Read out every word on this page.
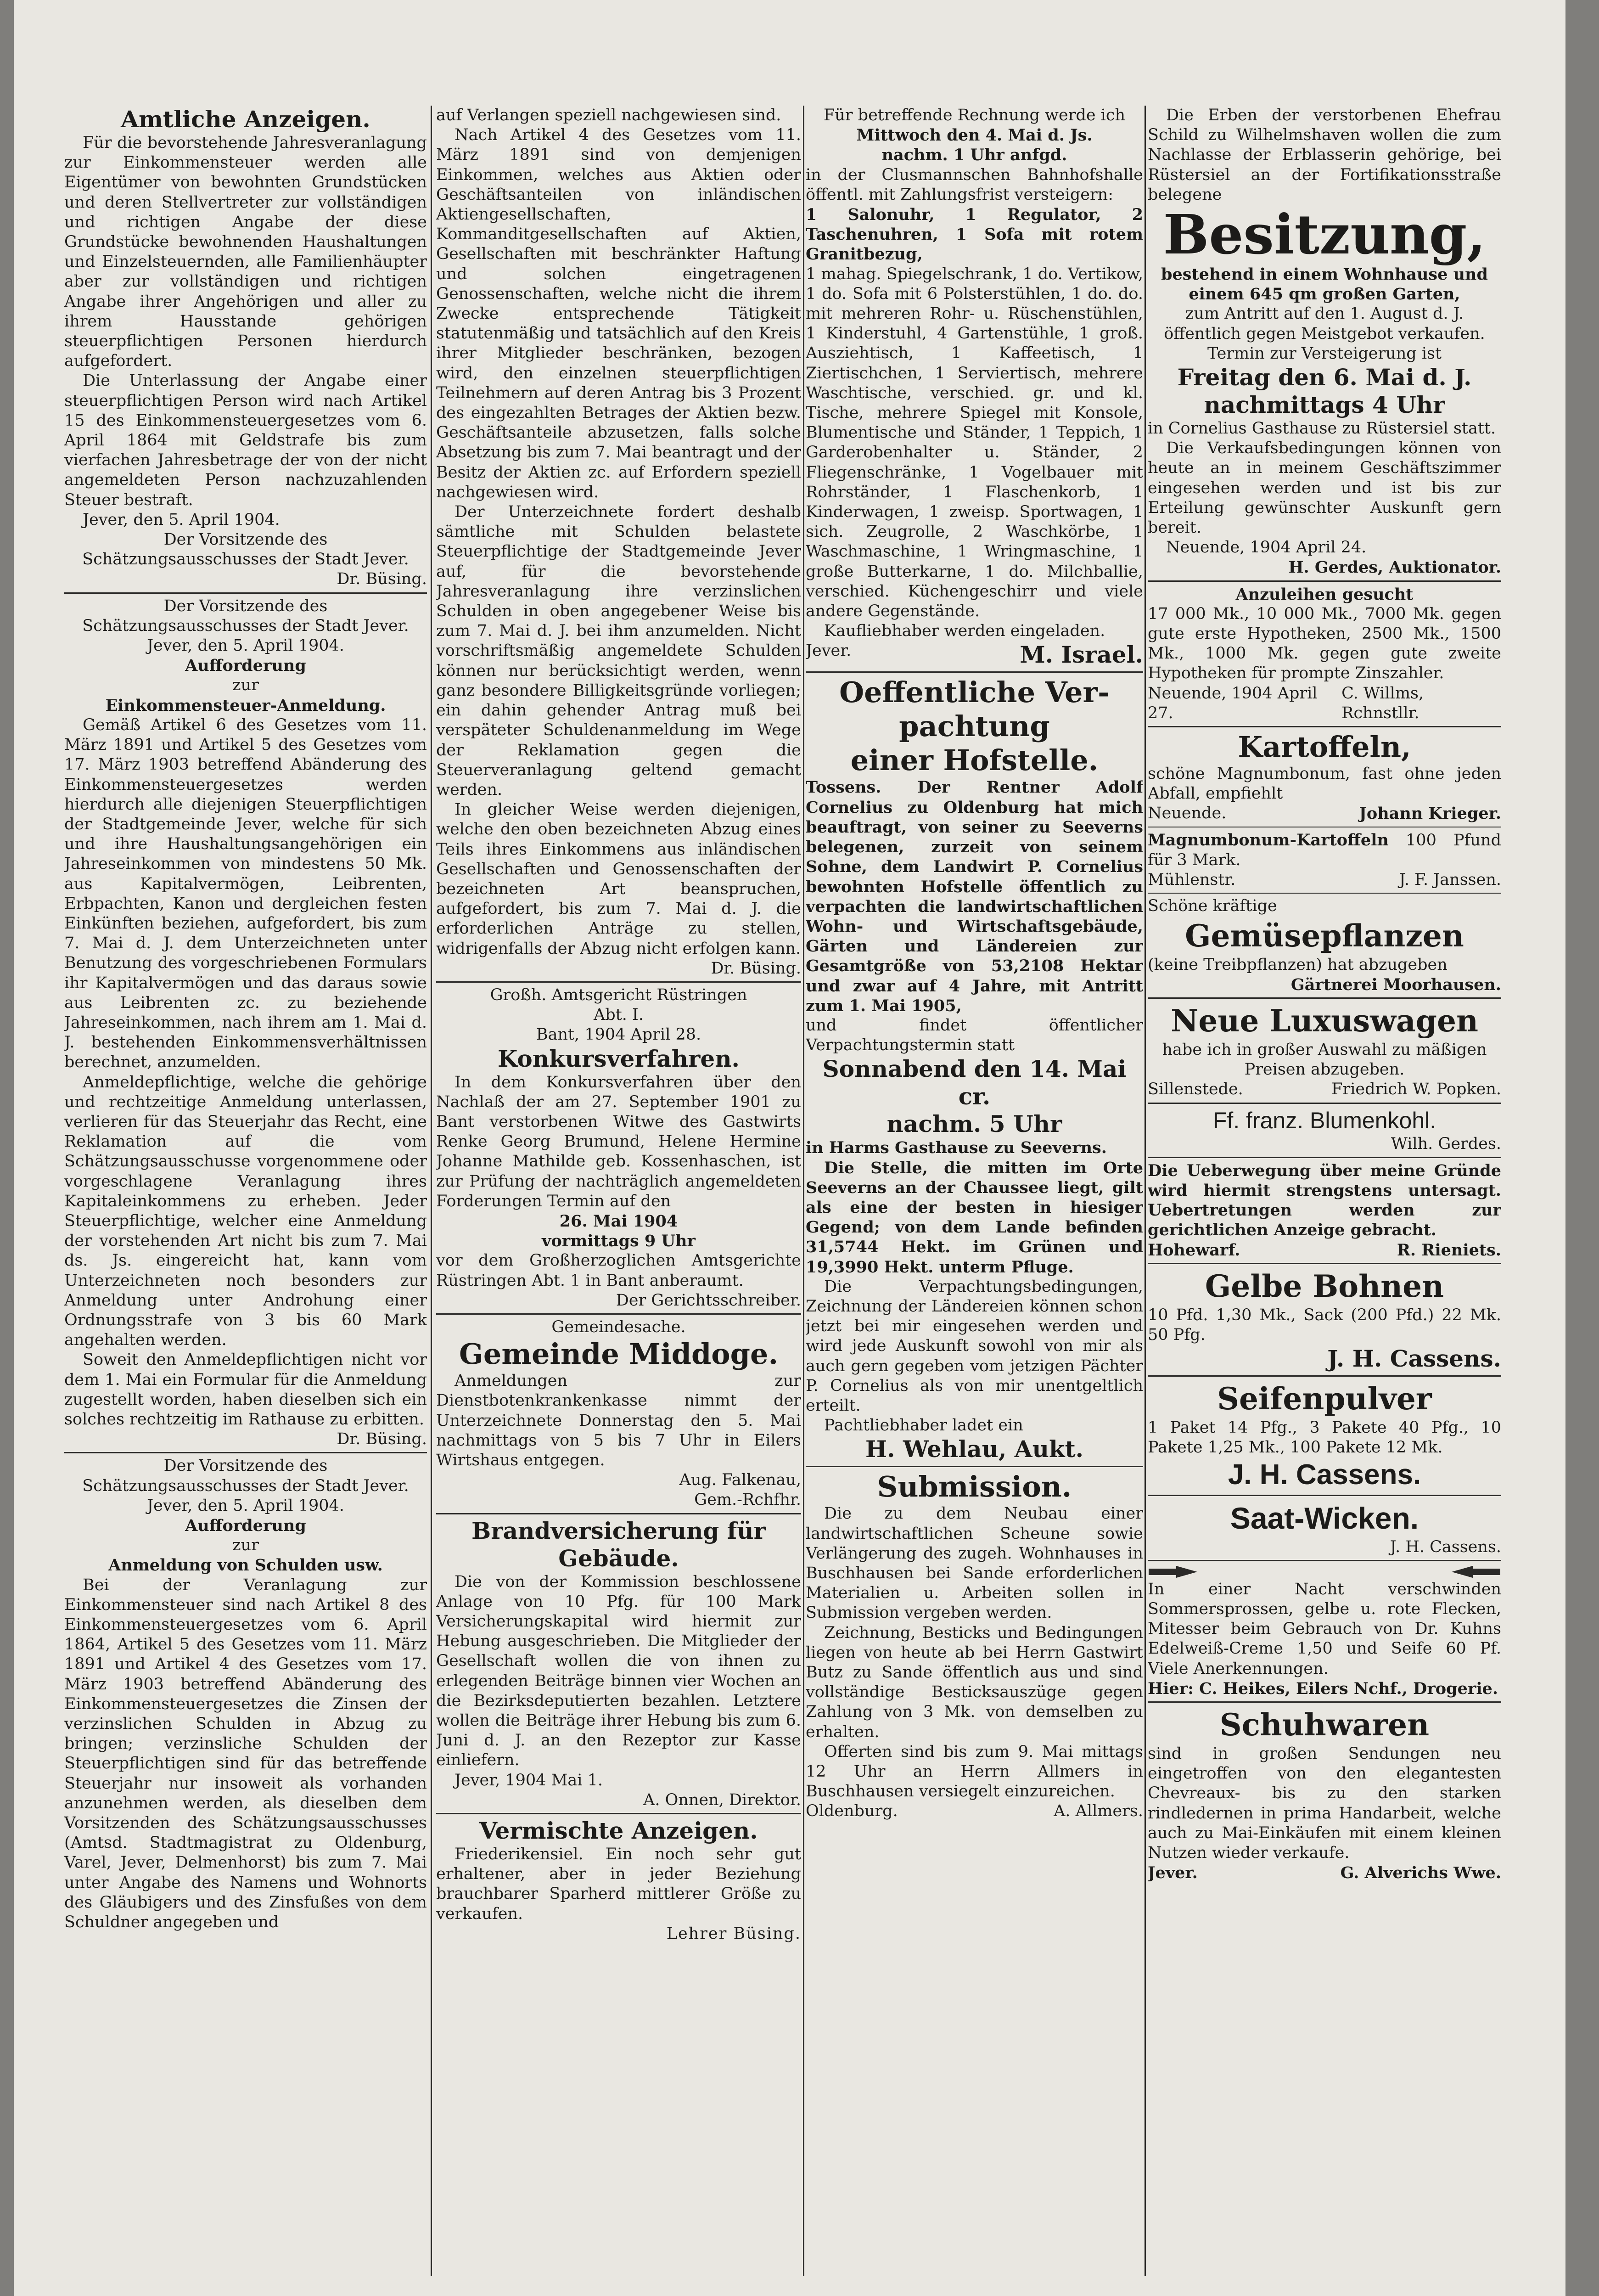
Amtliche Anzeigen.

Für die bevorstehende Jahresveranlagung zur Einkommensteuer werden alle Eigentümer von bewohnten Grundstücken und deren Stellvertreter zur vollständigen und richtigen Angabe der diese Grundstücke bewohnenden Haushaltungen und Einzelsteuernden, alle Familienhäupter aber zur vollständigen und richtigen Angabe ihrer Angehörigen und aller zu ihrem Hausstande gehörigen steuerpflichtigen Personen hierdurch aufgefordert.

Die Unterlassung der Angabe einer steuerpflichtigen Person wird nach Artikel 15 des Einkommensteuergesetzes vom 6. April 1864 mit Geldstrafe bis zum vierfachen Jahresbetrage der von der nicht angemeldeten Person nachzuzahlenden Steuer bestraft.

Jever, den 5. April 1904.

Der Vorsitzende des Schätzungsausschusses der Stadt Jever.

Dr. Büsing.

Der Vorsitzende des Schätzungsausschusses der Stadt Jever.

Jever, den 5. April 1904.

Aufforderung

zur

Einkommensteuer-Anmeldung.

Gemäß Artikel 6 des Gesetzes vom 11. März 1891 und Artikel 5 des Gesetzes vom 17. März 1903 betreffend Abänderung des Einkommensteuergesetzes werden hierdurch alle diejenigen Steuerpflichtigen der Stadtgemeinde Jever, welche für sich und ihre Haushaltungsangehörigen ein Jahreseinkommen von mindestens 50 Mk. aus Kapitalvermögen, Leibrenten, Erbpachten, Kanon und dergleichen festen Einkünften beziehen, aufgefordert, bis zum 7. Mai d. J. dem Unterzeichneten unter Benutzung des vorgeschriebenen Formulars ihr Kapitalvermögen und das daraus sowie aus Leibrenten zc. zu beziehende Jahreseinkommen, nach ihrem am 1. Mai d. J. bestehenden Einkommensverhältnissen berechnet, anzumelden.

Anmeldepflichtige, welche die gehörige und rechtzeitige Anmeldung unterlassen, verlieren für das Steuerjahr das Recht, eine Reklamation auf die vom Schätzungsausschusse vorgenommene oder vorgeschlagene Veranlagung ihres Kapitaleinkommens zu erheben. Jeder Steuerpflichtige, welcher eine Anmeldung der vorstehenden Art nicht bis zum 7. Mai ds. Js. eingereicht hat, kann vom Unterzeichneten noch besonders zur Anmeldung unter Androhung einer Ordnungsstrafe von 3 bis 60 Mark angehalten werden.

Soweit den Anmeldepflichtigen nicht vor dem 1. Mai ein Formular für die Anmeldung zugestellt worden, haben dieselben sich ein solches rechtzeitig im Rathause zu erbitten.

Dr. Büsing.

Der Vorsitzende des Schätzungsausschusses der Stadt Jever.

Jever, den 5. April 1904.

Aufforderung

zur

Anmeldung von Schulden usw.

Bei der Veranlagung zur Einkommensteuer sind nach Artikel 8 des Einkommensteuergesetzes vom 6. April 1864, Artikel 5 des Gesetzes vom 11. März 1891 und Artikel 4 des Gesetzes vom 17. März 1903 betreffend Abänderung des Einkommensteuergesetzes die Zinsen der verzinslichen Schulden in Abzug zu bringen; verzinsliche Schulden der Steuerpflichtigen sind für das betreffende Steuerjahr nur insoweit als vorhanden anzunehmen werden, als dieselben dem Vorsitzenden des Schätzungsausschusses (Amtsd. Stadtmagistrat zu Oldenburg, Varel, Jever, Delmenhorst) bis zum 7. Mai unter Angabe des Namens und Wohnorts des Gläubigers und des Zinsfußes von dem Schuldner angegeben und

auf Verlangen speziell nachgewiesen sind.

Nach Artikel 4 des Gesetzes vom 11. März 1891 sind von demjenigen Einkommen, welches aus Aktien oder Geschäftsanteilen von inländischen Aktiengesellschaften, Kommanditgesellschaften auf Aktien, Gesellschaften mit beschränkter Haftung und solchen eingetragenen Genossenschaften, welche nicht die ihrem Zwecke entsprechende Tätigkeit statutenmäßig und tatsächlich auf den Kreis ihrer Mitglieder beschränken, bezogen wird, den einzelnen steuerpflichtigen Teilnehmern auf deren Antrag bis 3 Prozent des eingezahlten Betrages der Aktien bezw. Geschäftsanteile abzusetzen, falls solche Absetzung bis zum 7. Mai beantragt und der Besitz der Aktien zc. auf Erfordern speziell nachgewiesen wird.

Der Unterzeichnete fordert deshalb sämtliche mit Schulden belastete Steuerpflichtige der Stadtgemeinde Jever auf, für die bevorstehende Jahresveranlagung ihre verzinslichen Schulden in oben angegebener Weise bis zum 7. Mai d. J. bei ihm anzumelden. Nicht vorschriftsmäßig angemeldete Schulden können nur berücksichtigt werden, wenn ganz besondere Billigkeitsgründe vorliegen; ein dahin gehender Antrag muß bei verspäteter Schuldenanmeldung im Wege der Reklamation gegen die Steuerveranlagung geltend gemacht werden.

In gleicher Weise werden diejenigen, welche den oben bezeichneten Abzug eines Teils ihres Einkommens aus inländischen Gesellschaften und Genossenschaften der bezeichneten Art beanspruchen, aufgefordert, bis zum 7. Mai d. J. die erforderlichen Anträge zu stellen, widrigenfalls der Abzug nicht erfolgen kann.

Dr. Büsing.

Großh. Amtsgericht Rüstringen

Abt. I.

Bant, 1904 April 28.

Konkursverfahren.

In dem Konkursverfahren über den Nachlaß der am 27. September 1901 zu Bant verstorbenen Witwe des Gastwirts Renke Georg Brumund, Helene Hermine Johanne Mathilde geb. Kossenhaschen, ist zur Prüfung der nachträglich angemeldeten Forderungen Termin auf den

26. Mai 1904

vormittags 9 Uhr

vor dem Großherzoglichen Amtsgerichte Rüstringen Abt. 1 in Bant anberaumt.

Der Gerichtsschreiber.

Gemeindesache.

Gemeinde Middoge.

Anmeldungen zur Dienstbotenkrankenkasse nimmt der Unterzeichnete Donnerstag den 5. Mai nachmittags von 5 bis 7 Uhr in Eilers Wirtshaus entgegen.

Aug. Falkenau,

Gem.-Rchfhr.

Brandversicherung für Gebäude.

Die von der Kommission beschlossene Anlage von 10 Pfg. für 100 Mark Versicherungskapital wird hiermit zur Hebung ausgeschrieben. Die Mitglieder der Gesellschaft wollen die von ihnen zu erlegenden Beiträge binnen vier Wochen an die Bezirksdeputierten bezahlen. Letztere wollen die Beiträge ihrer Hebung bis zum 6. Juni d. J. an den Rezeptor zur Kasse einliefern.

Jever, 1904 Mai 1.

A. Onnen, Direktor.

Vermischte Anzeigen.

Friederikensiel. Ein noch sehr gut erhaltener, aber in jeder Beziehung brauchbarer Sparherd mittlerer Größe zu verkaufen.

Lehrer Büsing.

Für betreffende Rechnung werde ich

Mittwoch den 4. Mai d. Js.

nachm. 1 Uhr anfgd.

in der Clusmannschen Bahnhofshalle öffentl. mit Zahlungsfrist versteigern:

1 Salonuhr, 1 Regulator, 2 Taschenuhren, 1 Sofa mit rotem Granitbezug,

1 mahag. Spiegelschrank, 1 do. Vertikow, 1 do. Sofa mit 6 Polsterstühlen, 1 do. do. mit mehreren Rohr- u. Rüschenstühlen, 1 Kinderstuhl, 4 Gartenstühle, 1 groß. Ausziehtisch, 1 Kaffeetisch, 1 Ziertischchen, 1 Serviertisch, mehrere Waschtische, verschied. gr. und kl. Tische, mehrere Spiegel mit Konsole, Blumentische und Ständer, 1 Teppich, 1 Garderobenhalter u. Ständer, 2 Fliegenschränke, 1 Vogelbauer mit Rohrständer, 1 Flaschenkorb, 1 Kinderwagen, 1 zweisp. Sportwagen, 1 sich. Zeugrolle, 2 Waschkörbe, 1 Waschmaschine, 1 Wringmaschine, 1 große Butterkarne, 1 do. Milchballie, verschied. Küchengeschirr und viele andere Gegenstände.

Kaufliebhaber werden eingeladen.

Jever.	M. Israel.

Oeffentliche Ver-

pachtung

einer Hofstelle.

Tossens. Der Rentner Adolf Cornelius zu Oldenburg hat mich beauftragt, von seiner zu Seeverns belegenen, zurzeit von seinem Sohne, dem Landwirt P. Cornelius bewohnten Hofstelle öffentlich zu verpachten die landwirtschaftlichen Wohn- und Wirtschaftsgebäude, Gärten und Ländereien zur Gesamtgröße von 53,2108 Hektar und zwar auf 4 Jahre, mit Antritt zum 1. Mai 1905,

und findet öffentlicher Verpachtungstermin statt

Sonnabend den 14. Mai cr.

nachm. 5 Uhr

in Harms Gasthause zu Seeverns.

Die Stelle, die mitten im Orte Seeverns an der Chaussee liegt, gilt als eine der besten in hiesiger Gegend; von dem Lande befinden 31,5744 Hekt. im Grünen und 19,3990 Hekt. unterm Pfluge.

Die Verpachtungsbedingungen, Zeichnung der Ländereien können schon jetzt bei mir eingesehen werden und wird jede Auskunft sowohl von mir als auch gern gegeben vom jetzigen Pächter P. Cornelius als von mir unentgeltlich erteilt.

Pachtliebhaber ladet ein

H. Wehlau, Aukt.

Submission.

Die zu dem Neubau einer landwirtschaftlichen Scheune sowie Verlängerung des zugeh. Wohnhauses in Buschhausen bei Sande erforderlichen Materialien u. Arbeiten sollen in Submission vergeben werden.

Zeichnung, Besticks und Bedingungen liegen von heute ab bei Herrn Gastwirt Butz zu Sande öffentlich aus und sind vollständige Besticksauszüge gegen Zahlung von 3 Mk. von demselben zu erhalten.

Offerten sind bis zum 9. Mai mittags 12 Uhr an Herrn Allmers in Buschhausen versiegelt einzureichen.

Oldenburg.	A. Allmers.

Die Erben der verstorbenen Ehefrau Schild zu Wilhelmshaven wollen die zum Nachlasse der Erblasserin gehörige, bei Rüstersiel an der Fortifikationsstraße belegene

Besitzung,

bestehend in einem Wohnhause und einem 645 qm großen Garten,

zum Antritt auf den 1. August d. J. öffentlich gegen Meistgebot verkaufen.

Termin zur Versteigerung ist

Freitag den 6. Mai d. J.

nachmittags 4 Uhr

in Cornelius Gasthause zu Rüstersiel statt.

Die Verkaufsbedingungen können von heute an in meinem Geschäftszimmer eingesehen werden und ist bis zur Erteilung gewünschter Auskunft gern bereit.

Neuende, 1904 April 24.

H. Gerdes, Auktionator.

Anzuleihen gesucht

17 000 Mk., 10 000 Mk., 7000 Mk. gegen gute erste Hypotheken, 2500 Mk., 1500 Mk., 1000 Mk. gegen gute zweite Hypotheken für prompte Zinszahler.

Neuende, 1904 April 27.
C. Willms, Rchnstllr.

Kartoffeln,

schöne Magnumbonum, fast ohne jeden Abfall, empfiehlt

Neuende.	Johann Krieger.

Magnumbonum-Kartoffeln 100 Pfund für 3 Mark.

Mühlenstr.	J. F. Janssen.

Schöne kräftige

Gemüsepflanzen

(keine Treibpflanzen) hat abzugeben

Gärtnerei Moorhausen.

Neue Luxuswagen

habe ich in großer Auswahl zu mäßigen Preisen abzugeben.

Sillenstede.	Friedrich W. Popken.

Ff. franz. Blumenkohl.

Wilh. Gerdes.

Die Ueberwegung über meine Gründe wird hiermit strengstens untersagt. Uebertretungen werden zur gerichtlichen Anzeige gebracht.

Hohewarf.	R. Rieniets.

Gelbe Bohnen

10 Pfd. 1,30 Mk., Sack (200 Pfd.) 22 Mk. 50 Pfg.

J. H. Cassens.

Seifenpulver

1 Paket 14 Pfg., 3 Pakete 40 Pfg., 10 Pakete 1,25 Mk., 100 Pakete 12 Mk.

J. H. Cassens.

Saat-Wicken.

J. H. Cassens.

In einer Nacht verschwinden Sommersprossen, gelbe u. rote Flecken, Mitesser beim Gebrauch von Dr. Kuhns Edelweiß-Creme 1,50 und Seife 60 Pf. Viele Anerkennungen.

Hier: C. Heikes, Eilers Nchf., Drogerie.

Schuhwaren

sind in großen Sendungen neu eingetroffen von den elegantesten Chevreaux- bis zu den starken rindledernen in prima Handarbeit, welche auch zu Mai-Einkäufen mit einem kleinen Nutzen wieder verkaufe.

Jever.	G. Alverichs Wwe.
